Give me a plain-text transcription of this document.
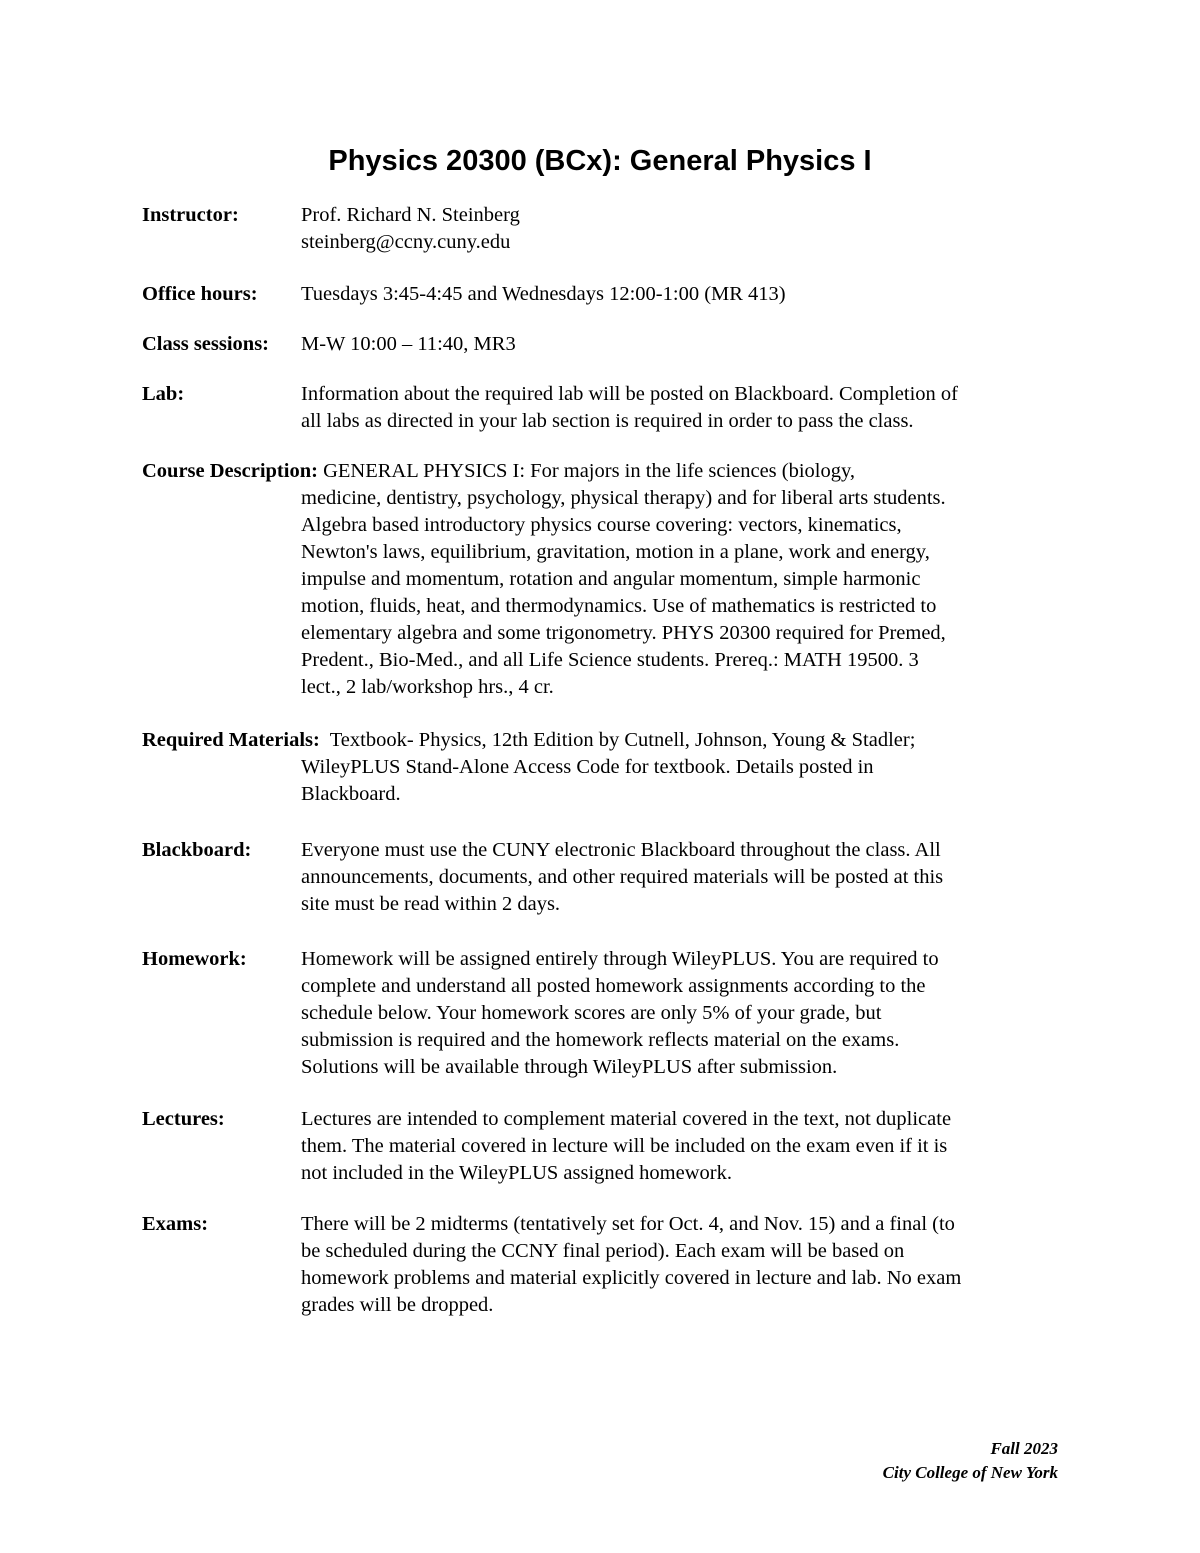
Physics 20300 (BCx): General Physics I
Instructor:	Prof. Richard N. Steinberg
steinberg@ccny.cuny.edu
Office hours: Tuesdays 3:45-4:45 and Wednesdays 12:00-1:00 (MR 413)
Class sessions: M-W 10:00 – 11:40, MR3
Lab:	Information about the required lab will be posted on Blackboard. Completion of
all labs as directed in your lab section is required in order to pass the class.
Course Description: GENERAL PHYSICS I: For majors in the life sciences (biology,
medicine, dentistry, psychology, physical therapy) and for liberal arts students.
Algebra based introductory physics course covering: vectors, kinematics,
Newton's laws, equilibrium, gravitation, motion in a plane, work and energy,
impulse and momentum, rotation and angular momentum, simple harmonic
motion, fluids, heat, and thermodynamics. Use of mathematics is restricted to
elementary algebra and some trigonometry. PHYS 20300 required for Premed,
Predent., Bio-Med., and all Life Science students. Prereq.: MATH 19500. 3
lect., 2 lab/workshop hrs., 4 cr.
Required Materials:  Textbook- Physics, 12th Edition by Cutnell, Johnson, Young & Stadler;
WileyPLUS Stand-Alone Access Code for textbook. Details posted in
Blackboard.
Blackboard: Everyone must use the CUNY electronic Blackboard throughout the class. All
announcements, documents, and other required materials will be posted at this
site must be read within 2 days.
Homework:	Homework will be assigned entirely through WileyPLUS. You are required to
complete and understand all posted homework assignments according to the
schedule below. Your homework scores are only 5% of your grade, but
submission is required and the homework reflects material on the exams.
Solutions will be available through WileyPLUS after submission.
Lectures:	Lectures are intended to complement material covered in the text, not duplicate
them. The material covered in lecture will be included on the exam even if it is
not included in the WileyPLUS assigned homework.
Exams:	There will be 2 midterms (tentatively set for Oct. 4, and Nov. 15) and a final (to
be scheduled during the CCNY final period). Each exam will be based on
homework problems and material explicitly covered in lecture and lab. No exam
grades will be dropped.
Fall 2023
City College of New York
